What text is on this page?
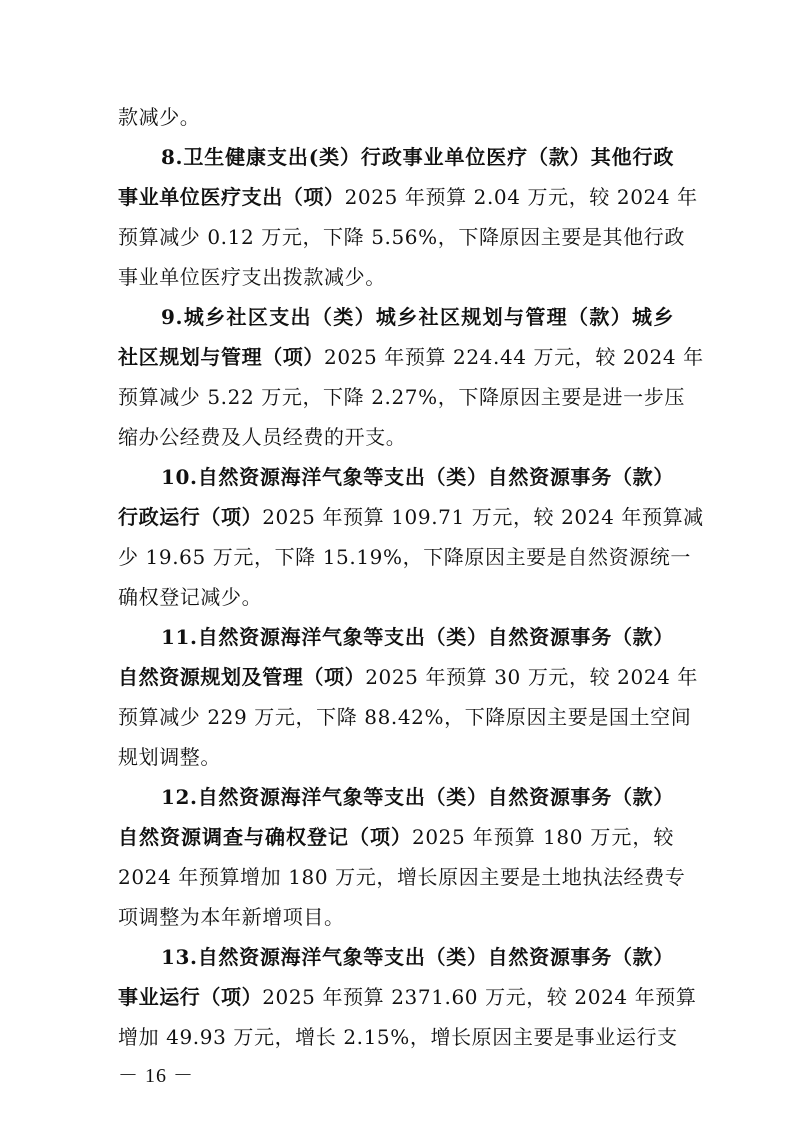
款减少。
8.卫生健康支出(类）行政事业单位医疗（款）其他行政
事业单位医疗支出（项）2025 年预算 2.04 万元，较 2024 年
预算减少 0.12 万元，下降 5.56%，下降原因主要是其他行政
事业单位医疗支出拨款减少。
9.城乡社区支出（类）城乡社区规划与管理（款）城乡
社区规划与管理（项）2025 年预算 224.44 万元，较 2024 年
预算减少 5.22 万元，下降 2.27%，下降原因主要是进一步压
缩办公经费及人员经费的开支。
10.自然资源海洋气象等支出（类）自然资源事务（款）
行政运行（项）2025 年预算 109.71 万元，较 2024 年预算减
少 19.65 万元，下降 15.19%，下降原因主要是自然资源统一
确权登记减少。
11.自然资源海洋气象等支出（类）自然资源事务（款）
自然资源规划及管理（项）2025 年预算 30 万元，较 2024 年
预算减少 229 万元，下降 88.42%，下降原因主要是国土空间
规划调整。
12.自然资源海洋气象等支出（类）自然资源事务（款）
自然资源调查与确权登记（项）2025 年预算 180 万元，较
2024 年预算增加 180 万元，增长原因主要是土地执法经费专
项调整为本年新增项目。
13.自然资源海洋气象等支出（类）自然资源事务（款）
事业运行（项）2025 年预算 2371.60 万元，较 2024 年预算
增加 49.93 万元，增长 2.15%，增长原因主要是事业运行支
－ 16 －
